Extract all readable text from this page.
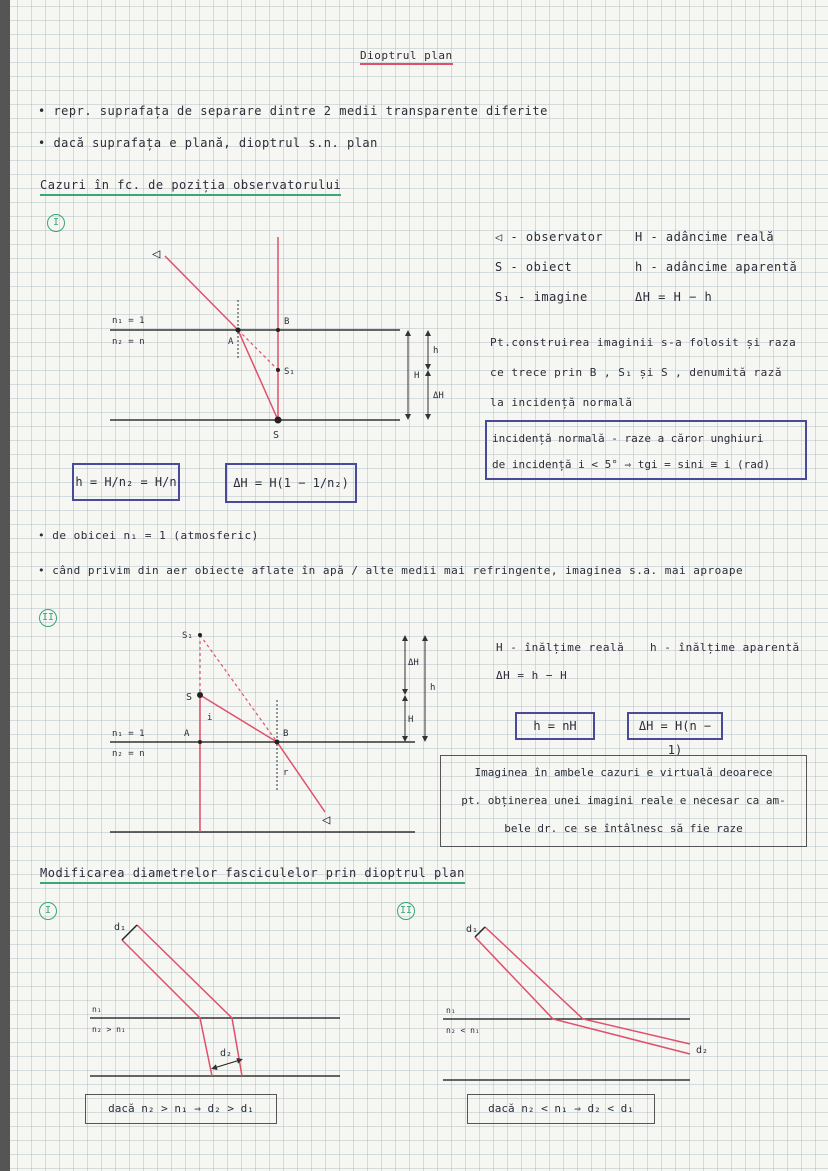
Dioptrul plan
• repr. suprafața de separare dintre 2 medii transparente diferite
• dacă suprafața e plană, dioptrul s.n. plan
Cazuri în fc. de poziția observatorului
I
◁
n₁ = 1
n₂ = n	A
B
S₁
S
H
h
ΔH
◁
n₁ = 1
n₂ = n
A	B
S₁
S
i
r
ΔH
H
h
d₁
d₂
n₁
n₂ > n₁
d₁
d₂
n₁
n₂ < n₁
h = H/n₂ = H/n	ΔH = H(1 − 1/n₂)
◁ - observator	H - adâncime reală
S - obiect	h - adâncime aparentă
S₁ - imagine	ΔH = H − h
Pt.construirea imaginii s-a folosit și raza
ce trece prin B , S₁ și S , denumită rază
la incidență normală
incidență normală - raze a căror unghiuri
de incidență i < 5° ⇒ tgi = sini ≅ i (rad)
• de obicei n₁ = 1 (atmosferic)
• când privim din aer obiecte aflate în apă / alte medii mai refringente, imaginea s.a. mai aproape
II
H - înălțime reală h - înălțime aparentă
ΔH = h − H
h = nH	ΔH = H(n − 1)
Imaginea în ambele cazuri e virtuală deoarece
pt. obținerea unei imagini reale e necesar ca am-
bele dr. ce se întâlnesc să fie raze
Modificarea diametrelor fasciculelor prin dioptrul plan
I	II
dacă n₂ > n₁ ⇒ d₂ > d₁	dacă n₂ < n₁ ⇒ d₂ < d₁
